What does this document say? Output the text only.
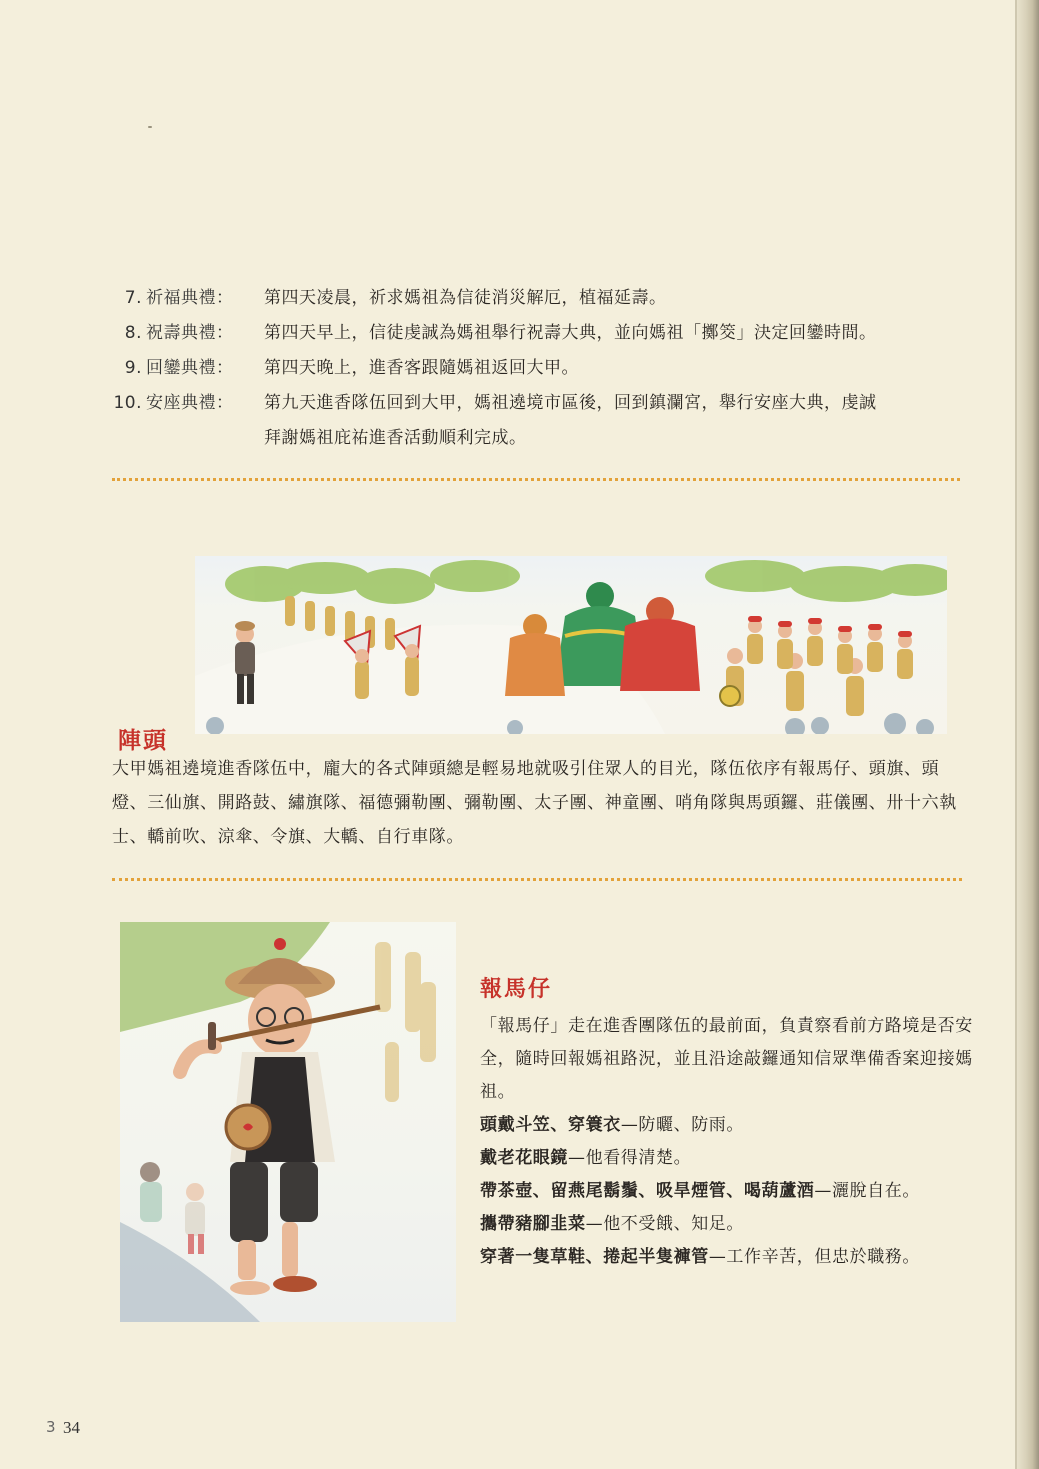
7. 祈福典禮：	第四天凌晨，祈求媽祖為信徒消災解厄，植福延壽。
8. 祝壽典禮：	第四天早上，信徒虔誠為媽祖舉行祝壽大典，並向媽祖「擲筊」決定回鑾時間。
9. 回鑾典禮：	第四天晚上，進香客跟隨媽祖返回大甲。
10. 安座典禮：	第九天進香隊伍回到大甲，媽祖遶境市區後，回到鎮瀾宮，舉行安座大典，虔誠
拜謝媽祖庇祐進香活動順利完成。
陣頭
大甲媽祖遶境進香隊伍中，龐大的各式陣頭總是輕易地就吸引住眾人的目光，隊伍依序有報馬仔、頭旗、頭燈、三仙旗、開路鼓、繡旗隊、福德彌勒團、彌勒團、太子團、神童團、哨角隊與馬頭鑼、莊儀團、卅十六執士、轎前吹、涼傘、令旗、大轎、自行車隊。
報馬仔
「報馬仔」走在進香團隊伍的最前面，負責察看前方路境是否安全，隨時回報媽祖路況，並且沿途敲鑼通知信眾準備香案迎接媽祖。
頭戴斗笠、穿簑衣—防曬、防雨。
戴老花眼鏡—他看得清楚。
帶茶壺、留燕尾鬍鬚、吸旱煙管、喝葫蘆酒—灑脫自在。
攜帶豬腳韭菜—他不受餓、知足。
穿著一隻草鞋、捲起半隻褲管—工作辛苦，但忠於職務。
3 34
